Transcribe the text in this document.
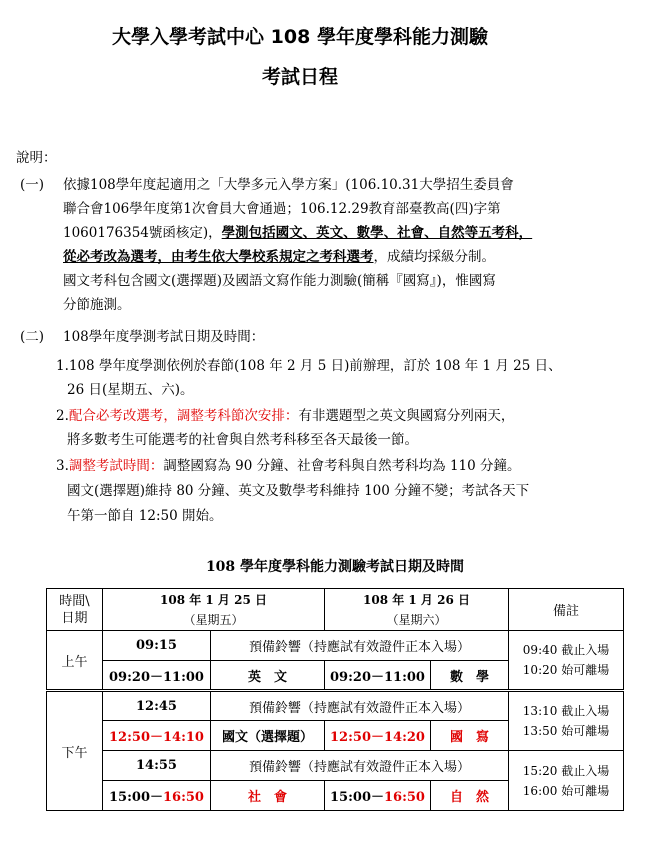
大學入學考試中心 108 學年度學科能力測驗
考試日程
說明：
(一) 依據108學年度起適用之「大學多元入學方案」(106.10.31大學招生委員會
聯合會106學年度第1次會員大會通過；106.12.29教育部臺教高(四)字第
1060176354號函核定)，學測包括國文、英文、數學、社會、自然等五考科，
從必考改為選考，由考生依大學校系規定之考科選考，成績均採級分制。
國文考科包含國文(選擇題)及國語文寫作能力測驗(簡稱『國寫』)，惟國寫
分節施測。
(二) 108學年度學測考試日期及時間：
1.108 學年度學測依例於春節(108 年 2 月 5 日)前辦理，訂於 108 年 1 月 25 日、
26 日(星期五、六)。
2.配合必考改選考，調整考科節次安排：有非選題型之英文與國寫分列兩天，
將多數考生可能選考的社會與自然考科移至各天最後一節。
3.調整考試時間：調整國寫為 90 分鐘、社會考科與自然考科均為 110 分鐘。
國文(選擇題)維持 80 分鐘、英文及數學考科維持 100 分鐘不變；考試各天下
午第一節自 12:50 開始。
108 學年度學科能力測驗考試日期及時間
時間\
日期	108 年 1 月 25 日
（星期五）		108 年 1 月 26 日
（星期六）		備註
上午	09:15	預備鈴響（持應試有效證件正本入場）			09:40 截止入場
10:20 始可離場
	09:20－11:00	英　文	09:20－11:00	數　學	
下午	12:45	預備鈴響（持應試有效證件正本入場）			13:10 截止入場
13:50 始可離場
	12:50－14:10	國文（選擇題）	12:50－14:20	國　寫	
	14:55	預備鈴響（持應試有效證件正本入場）			15:20 截止入場
16:00 始可離場
	15:00－16:50	社　會	15:00－16:50	自　然	
